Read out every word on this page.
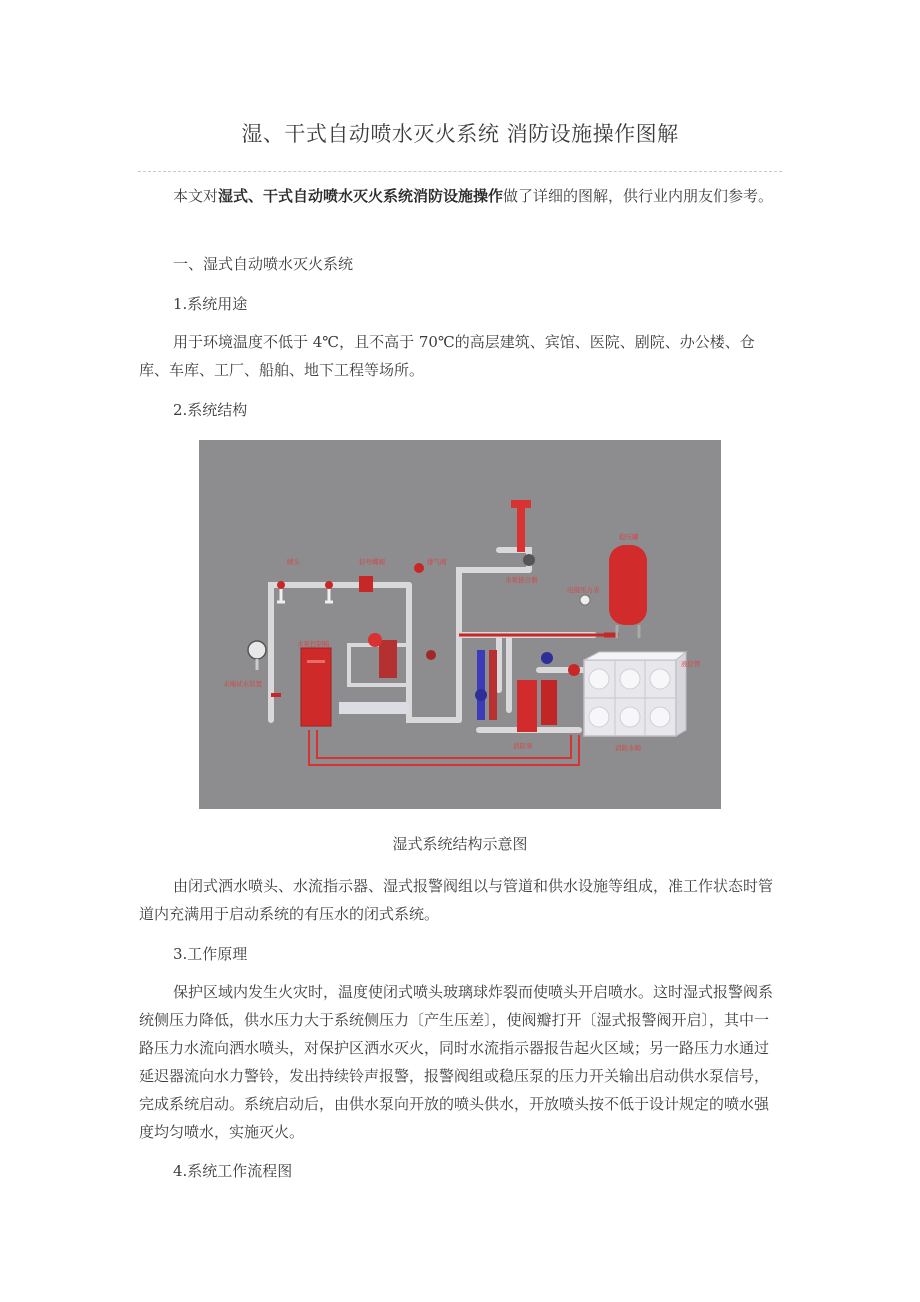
湿、干式自动喷水灭火系统 消防设施操作图解

本文对湿式、干式自动喷水灭火系统消防设施操作做了详细的图解，供行业内朋友们参考。

一、湿式自动喷水灭火系统
1.系统用途

用于环境温度不低于 4℃，且不高于 70℃的高层建筑、宾馆、医院、剧院、办公楼、仓库、车库、工厂、船舶、地下工程等场所。

2.系统结构
喷头	信号蝶阀	排气阀
水泵接合器
稳压罐
电接压力表
末端试水装置
水泵控制箱
液位管
消防泵	消防水箱
湿式系统结构示意图

由闭式洒水喷头、水流指示器、湿式报警阀组以与管道和供水设施等组成，准工作状态时管道内充满用于启动系统的有压水的闭式系统。

3.工作原理

保护区域内发生火灾时，温度使闭式喷头玻璃球炸裂而使喷头开启喷水。这时湿式报警阀系统侧压力降低，供水压力大于系统侧压力〔产生压差〕，使阀瓣打开〔湿式报警阀开启〕，其中一路压力水流向洒水喷头，对保护区洒水灭火，同时水流指示器报告起火区域；另一路压力水通过延迟器流向水力警铃，发出持续铃声报警，报警阀组或稳压泵的压力开关输出启动供水泵信号，完成系统启动。系统启动后，由供水泵向开放的喷头供水，开放喷头按不低于设计规定的喷水强度均匀喷水，实施灭火。

4.系统工作流程图
